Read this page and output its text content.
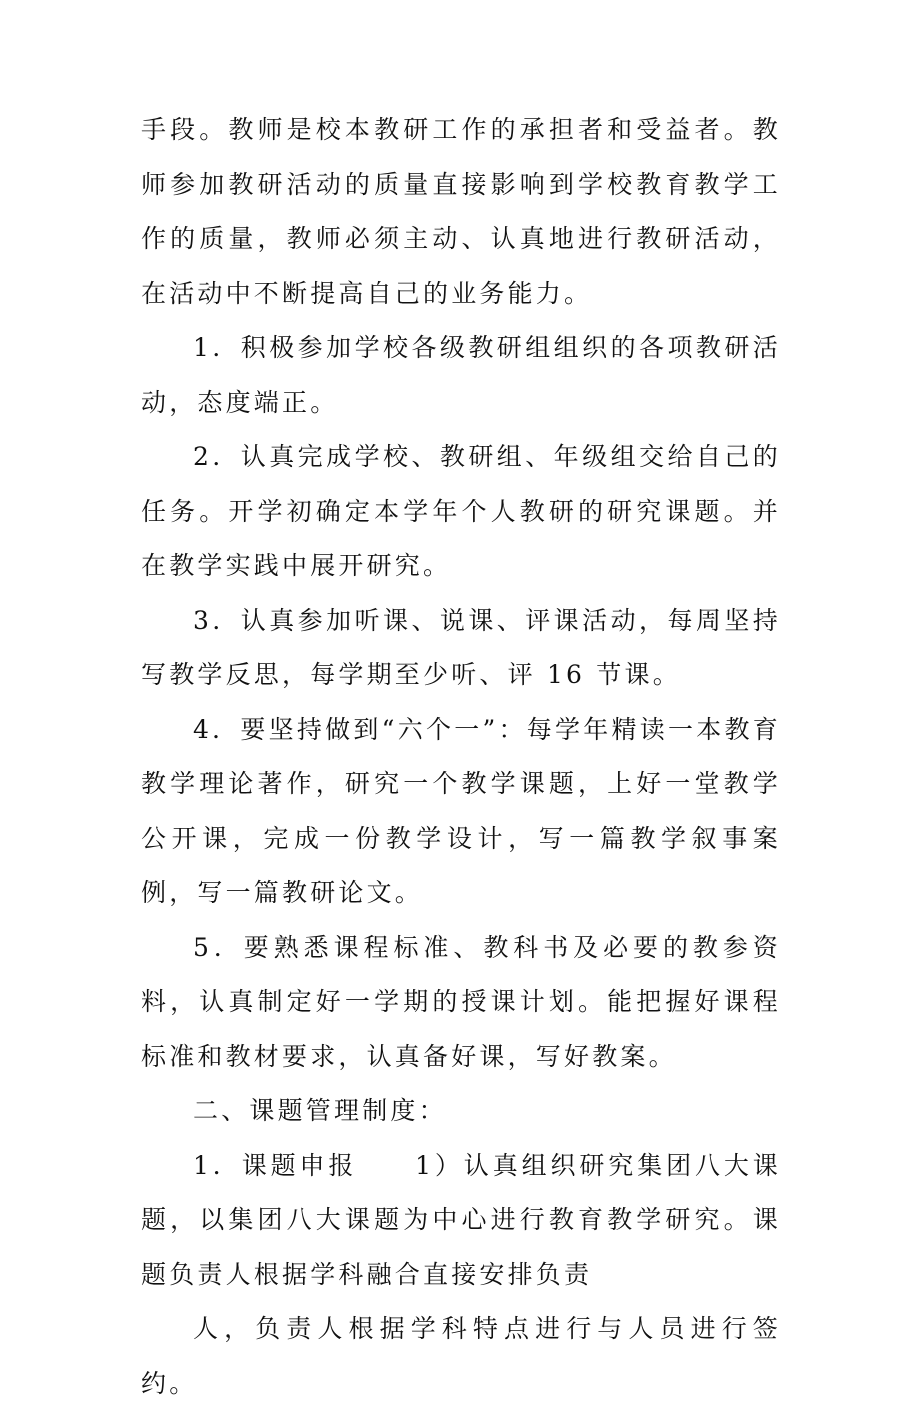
手段。教师是校本教研工作的承担者和受益者。教师参加教研活动的质量直接影响到学校教育教学工作的质量，教师必须主动、认真地进行教研活动，在活动中不断提高自己的业务能力。

1．积极参加学校各级教研组组织的各项教研活动，态度端正。

2．认真完成学校、教研组、年级组交给自己的任务。开学初确定本学年个人教研的研究课题。并在教学实践中展开研究。

3．认真参加听课、说课、评课活动，每周坚持写教学反思，每学期至少听、评 16 节课。

4．要坚持做到“六个一”：每学年精读一本教育教学理论著作，研究一个教学课题，上好一堂教学公开课，完成一份教学设计，写一篇教学叙事案例，写一篇教研论文。

5．要熟悉课程标准、教科书及必要的教参资料，认真制定好一学期的授课计划。能把握好课程标准和教材要求，认真备好课，写好教案。

二、课题管理制度：

1．课题申报　　1）认真组织研究集团八大课题，以集团八大课题为中心进行教育教学研究。课题负责人根据学科融合直接安排负责

人，负责人根据学科特点进行与人员进行签约。
